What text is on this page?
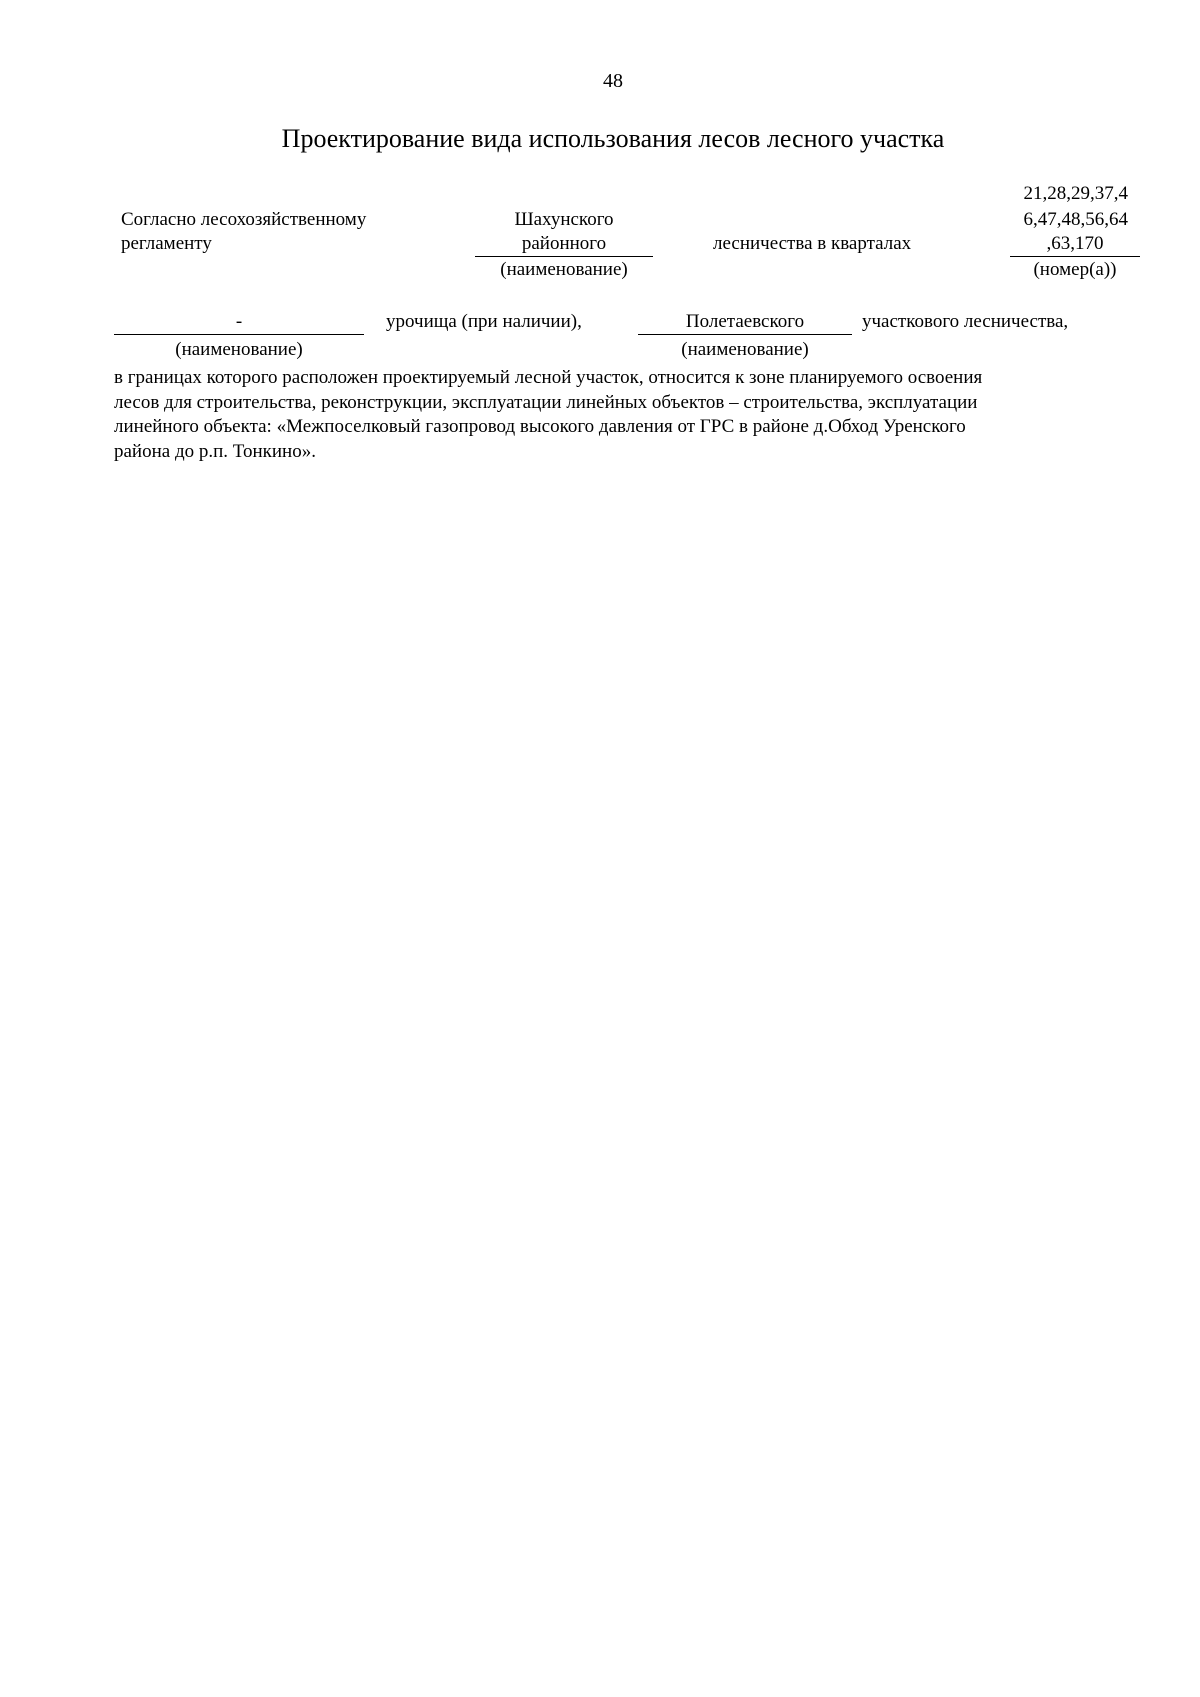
48
Проектирование вида использования лесов лесного участка
Согласно лесохозяйственному
регламенту
Шахунского
районного
(наименование)
лесничества в кварталах
21,28,29,37,4
6,47,48,56,64
,63,170
(номер(а))
-
(наименование)
урочища (при наличии),	Полетаевского
(наименование)
участкового лесничества,
в границах которого расположен проектируемый лесной участок, относится к зоне планируемого освоения
лесов для строительства, реконструкции, эксплуатации линейных объектов – строительства, эксплуатации
линейного объекта: «Межпоселковый газопровод высокого давления от ГРС в районе д.Обход Уренского
района до р.п. Тонкино».
